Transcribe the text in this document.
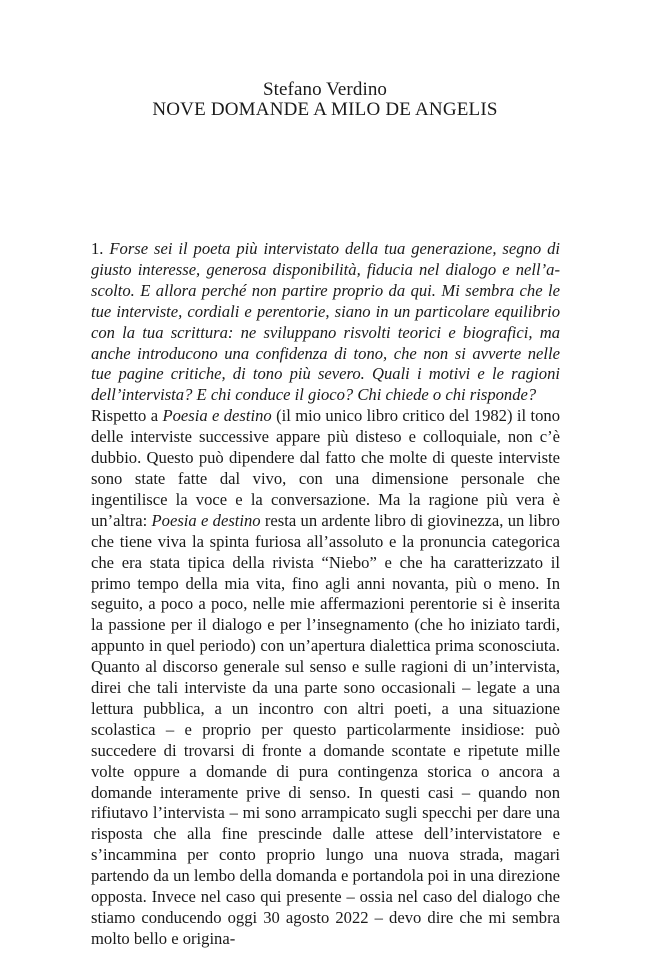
Stefano Verdino
NOVE DOMANDE A MILO DE ANGELIS

1. Forse sei il poeta più intervistato della tua generazione, segno di giusto interesse, generosa disponibilità, fiducia nel dialogo e nell’ascolto. E allora perché non partire proprio da qui. Mi sembra che le tue interviste, cordiali e perentorie, siano in un particolare equilibrio con la tua scrittura: ne sviluppano risvolti teorici e biografici, ma anche introducono una confidenza di tono, che non si avverte nelle tue pagine critiche, di tono più severo. Quali i motivi e le ragioni dell’intervista? E chi conduce il gioco? Chi chiede o chi risponde?

Rispetto a Poesia e destino (il mio unico libro critico del 1982) il tono delle interviste successive appare più disteso e colloquiale, non c’è dubbio. Questo può dipendere dal fatto che molte di queste interviste sono state fatte dal vivo, con una dimensione personale che ingentilisce la voce e la conversazione. Ma la ragione più vera è un’altra: Poesia e destino resta un ardente libro di giovinezza, un libro che tiene viva la spinta furiosa all’assoluto e la pronuncia categorica che era stata tipica della rivista “Niebo” e che ha caratterizzato il primo tempo della mia vita, fino agli anni novanta, più o meno. In seguito, a poco a poco, nelle mie affermazioni perentorie si è inserita la passione per il dialogo e per l’insegnamento (che ho iniziato tardi, appunto in quel periodo) con un’apertura dialettica prima sconosciuta. Quanto al discorso generale sul senso e sulle ragioni di un’intervista, direi che tali interviste da una parte sono occasionali – legate a una lettura pubblica, a un incontro con altri poeti, a una situazione scolastica – e proprio per questo particolarmente insidiose: può succedere di trovarsi di fronte a domande scontate e ripetute mille volte oppure a domande di pura contingenza storica o ancora a domande interamente prive di senso. In questi casi – quando non rifiutavo l’intervista – mi sono arrampicato sugli specchi per dare una risposta che alla fine prescinde dalle attese dell’intervistatore e s’incammina per conto proprio lungo una nuova strada, magari partendo da un lembo della domanda e portandola poi in una direzione opposta. Invece nel caso qui presente – ossia nel caso del dialogo che stiamo conducendo oggi 30 agosto 2022 – devo dire che mi sembra molto bello e origina-
